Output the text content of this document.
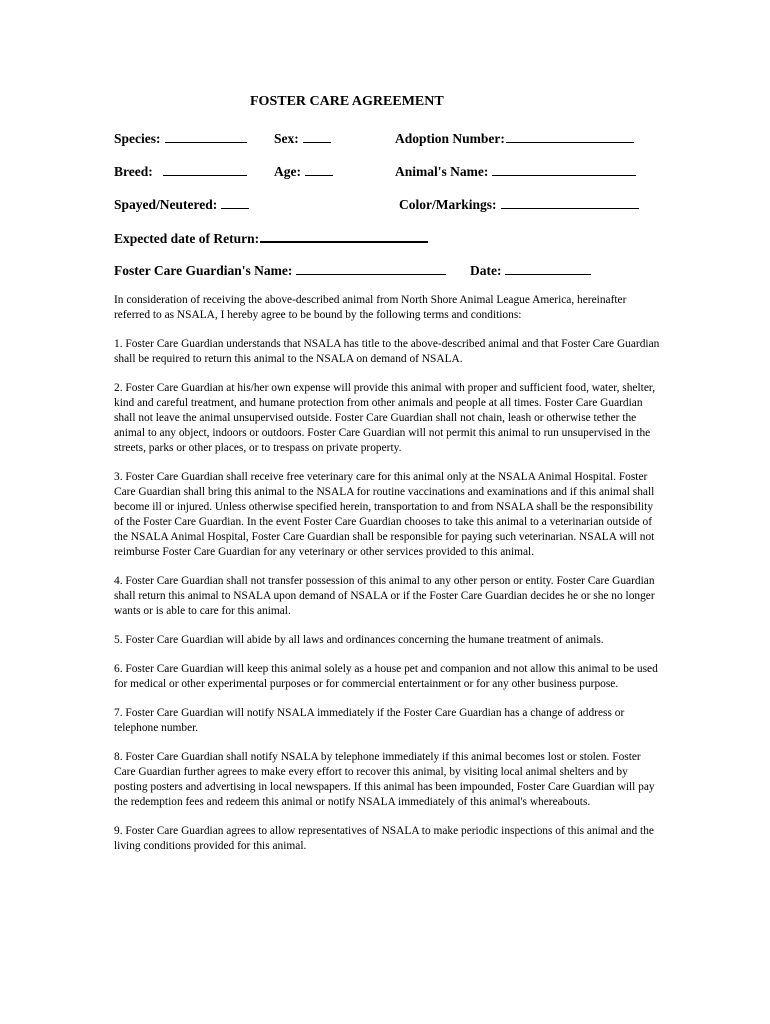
FOSTER CARE AGREEMENT
Species:	Sex:	Adoption Number:
Breed:	Age:	Animal's Name:
Spayed/Neutered:	Color/Markings:
Expected date of Return:
Foster Care Guardian's Name:	Date:

In consideration of receiving the above-described animal from North Shore Animal League America, hereinafter referred to as NSALA, I hereby agree to be bound by the following terms and conditions:

1. Foster Care Guardian understands that NSALA has title to the above-described animal and that Foster Care Guardian shall be required to return this animal to the NSALA on demand of NSALA.

2. Foster Care Guardian at his/her own expense will provide this animal with proper and sufficient food, water, shelter, kind and careful treatment, and humane protection from other animals and people at all times. Foster Care Guardian shall not leave the animal unsupervised outside. Foster Care Guardian shall not chain, leash or otherwise tether the animal to any object, indoors or outdoors. Foster Care Guardian will not permit this animal to run unsupervised in the streets, parks or other places, or to trespass on private property.

3. Foster Care Guardian shall receive free veterinary care for this animal only at the NSALA Animal Hospital. Foster Care Guardian shall bring this animal to the NSALA for routine vaccinations and examinations and if this animal shall become ill or injured. Unless otherwise specified herein, transportation to and from NSALA shall be the responsibility of the Foster Care Guardian. In the event Foster Care Guardian chooses to take this animal to a veterinarian outside of the NSALA Animal Hospital, Foster Care Guardian shall be responsible for paying such veterinarian. NSALA will not reimburse Foster Care Guardian for any veterinary or other services provided to this animal.

4. Foster Care Guardian shall not transfer possession of this animal to any other person or entity. Foster Care Guardian shall return this animal to NSALA upon demand of NSALA or if the Foster Care Guardian decides he or she no longer wants or is able to care for this animal.

5. Foster Care Guardian will abide by all laws and ordinances concerning the humane treatment of animals.

6. Foster Care Guardian will keep this animal solely as a house pet and companion and not allow this animal to be used for medical or other experimental purposes or for commercial entertainment or for any other business purpose.

7. Foster Care Guardian will notify NSALA immediately if the Foster Care Guardian has a change of address or telephone number.

8. Foster Care Guardian shall notify NSALA by telephone immediately if this animal becomes lost or stolen. Foster Care Guardian further agrees to make every effort to recover this animal, by visiting local animal shelters and by posting posters and advertising in local newspapers. If this animal has been impounded, Foster Care Guardian will pay the redemption fees and redeem this animal or notify NSALA immediately of this animal's whereabouts.

9. Foster Care Guardian agrees to allow representatives of NSALA to make periodic inspections of this animal and the living conditions provided for this animal.
